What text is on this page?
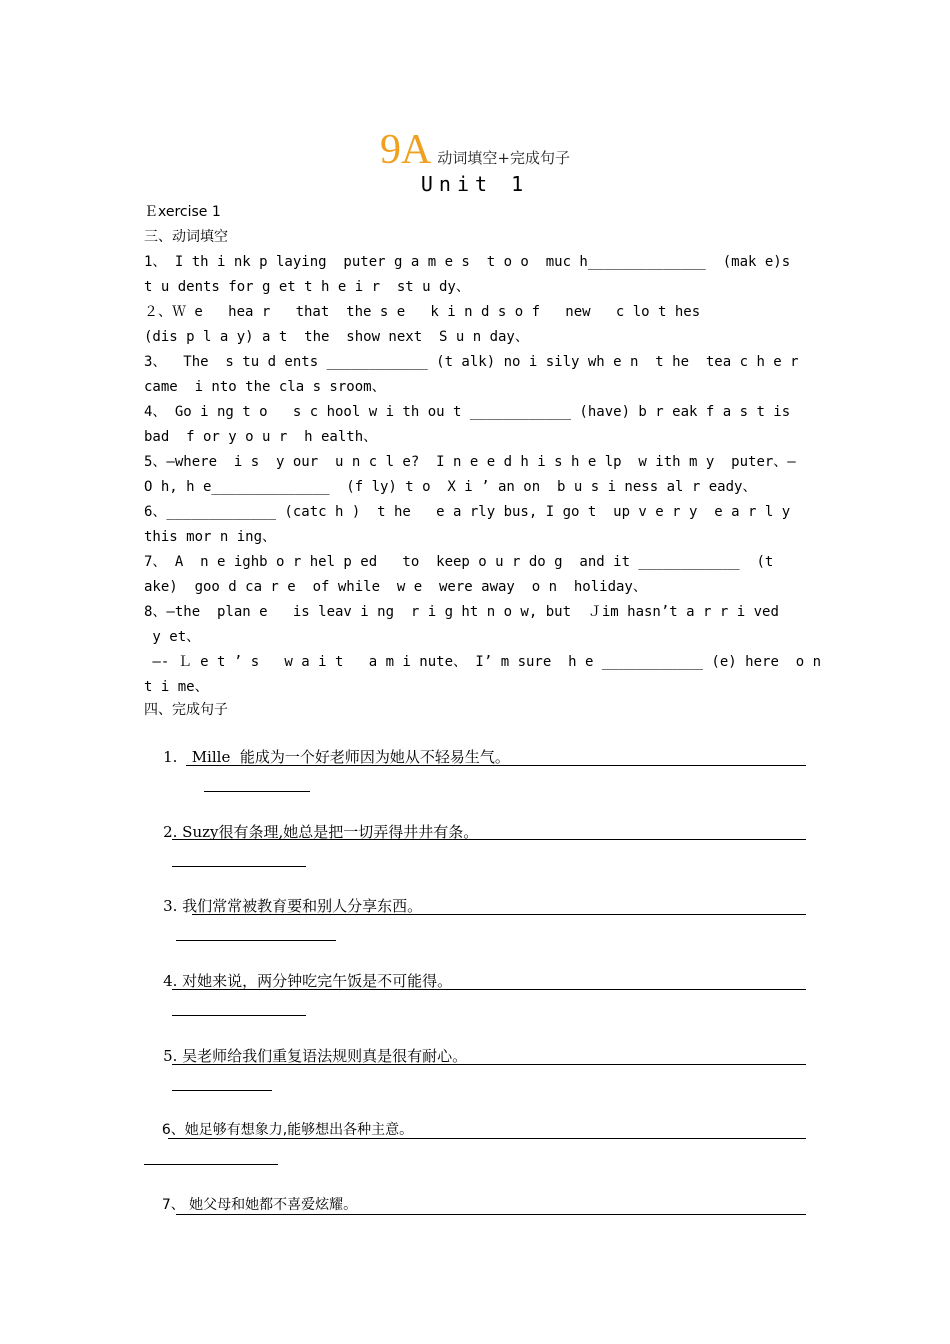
9A 动词填空+完成句子
Unit 1
Ｅxercise 1
三、动词填空
1、 I th i nk p laying  puter g a m e s  t o o  muc h______________  (mak e)s
t u dents for g et t h e i r  st u dy、
２、Ｗ e   hea r   that  the s e   k i n d s o f   new   c lo t hes
(dis p l a y) a t  the  show next  S u n day、
3、  The  s tu d ents ____________ (t alk) no i sily wh e n  t he  tea c h e r
came  i nto the cla s sroom、
4、 Go i ng t o   s c hool w i th ou t ____________ (have) b r eak f a s t is
bad  f or y o u r  h ealth、
5、—where  i s  y our  u n c l e?  I n e e d h i s h e lp  w ith m y  puter、—
O h, h e______________  (f ly) t o  X i ’ an on  b u s i ness al r eady、
6、_____________ (catc h )  t he   e a rly bus, I go t  up v e r y  e a r l y
this mor n ing、
7、 A  n e ighb o r hel p ed   to  keep o u r do g  and it ____________  (t
ake)  goo d ca r e  of while  w e  were away  o n  holiday、
8、—the  plan e   is leav i ng  r i g ht n o w, but  Ｊim hasn’t a r r i ved
y et、
—- Ｌ e t ’ s   w a i t   a m i nute、 I’ m sure  h e ____________ (e) here  o n
t i me、
四、完成句子

1. Mille  能成为一个好老师因为她从不轻易生气。

2. Suzy很有条理,她总是把一切弄得井井有条。

3. 我们常常被教育要和别人分享东西。

4. 对她来说，两分钟吃完午饭是不可能得。

5. 吴老师给我们重复语法规则真是很有耐心。

6、她足够有想象力,能够想出各种主意。

7、 她父母和她都不喜爱炫耀。
